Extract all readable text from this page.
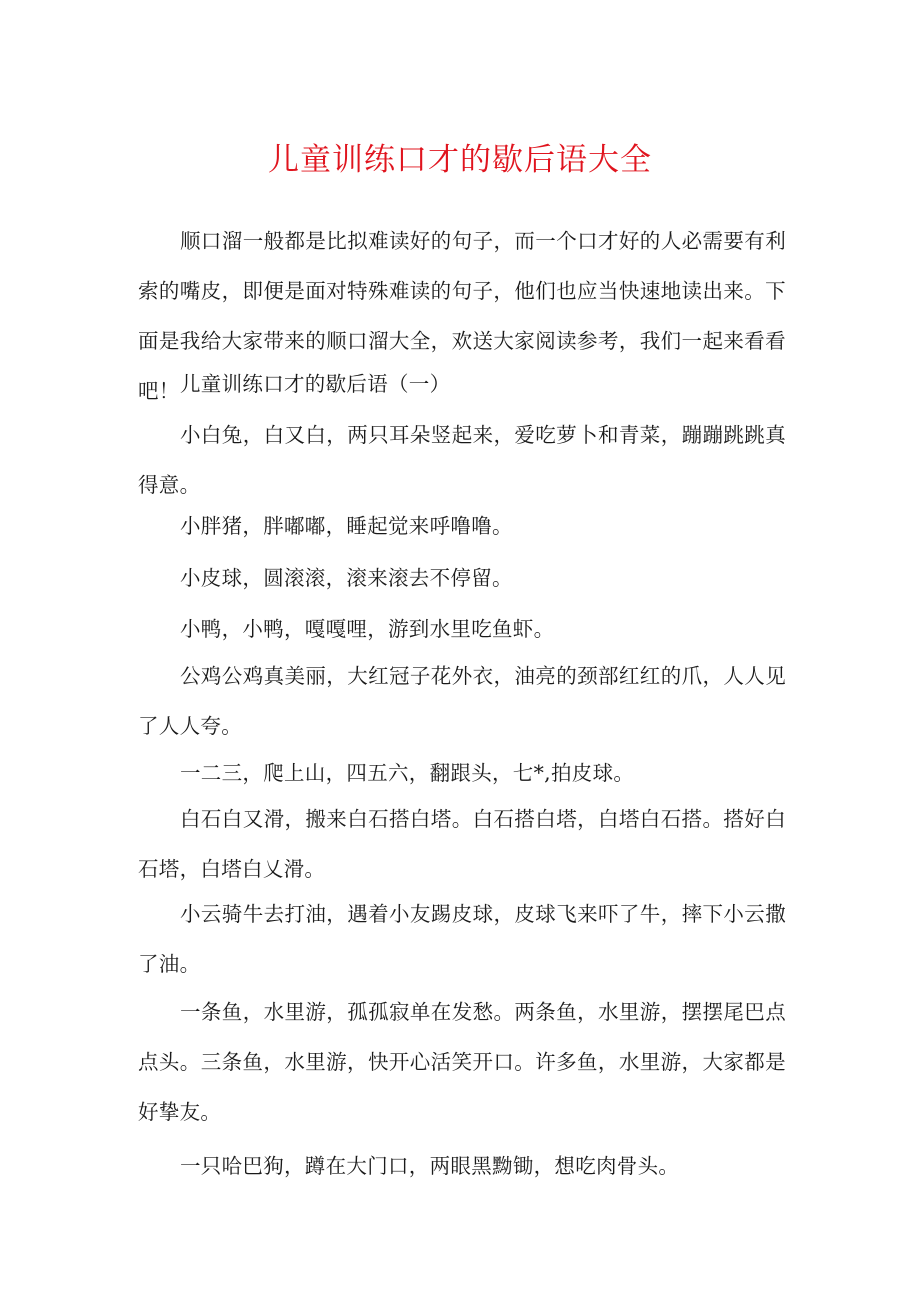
儿童训练口才的歇后语大全

顺口溜一般都是比拟难读好的句子，而一个口才好的人必需要有利索的嘴皮，即便是面对特殊难读的句子，他们也应当快速地读出来。下面是我给大家带来的顺口溜大全，欢送大家阅读参考，我们一起来看看吧！ 儿童训练口才的歇后语（一）

小白兔，白又白，两只耳朵竖起来，爱吃萝卜和青菜，蹦蹦跳跳真得意。

小胖猪，胖嘟嘟，睡起觉来呼噜噜。

小皮球，圆滚滚，滚来滚去不停留。

小鸭，小鸭，嘎嘎哩，游到水里吃鱼虾。

公鸡公鸡真美丽，大红冠子花外衣，油亮的颈部红红的爪，人人见了人人夸。

一二三，爬上山，四五六，翻跟头，七*,拍皮球。

白石白又滑，搬来白石搭白塔。白石搭白塔，白塔白石搭。搭好白石塔，白塔白乂滑。

小云骑牛去打油，遇着小友踢皮球，皮球飞来吓了牛，摔下小云撒了油。

一条鱼，水里游，孤孤寂单在发愁。两条鱼，水里游，摆摆尾巴点点头。三条鱼，水里游，快开心活笑开口。许多鱼，水里游，大家都是好挚友。

一只哈巴狗，蹲在大门口，两眼黑黝锄，想吃肉骨头。
